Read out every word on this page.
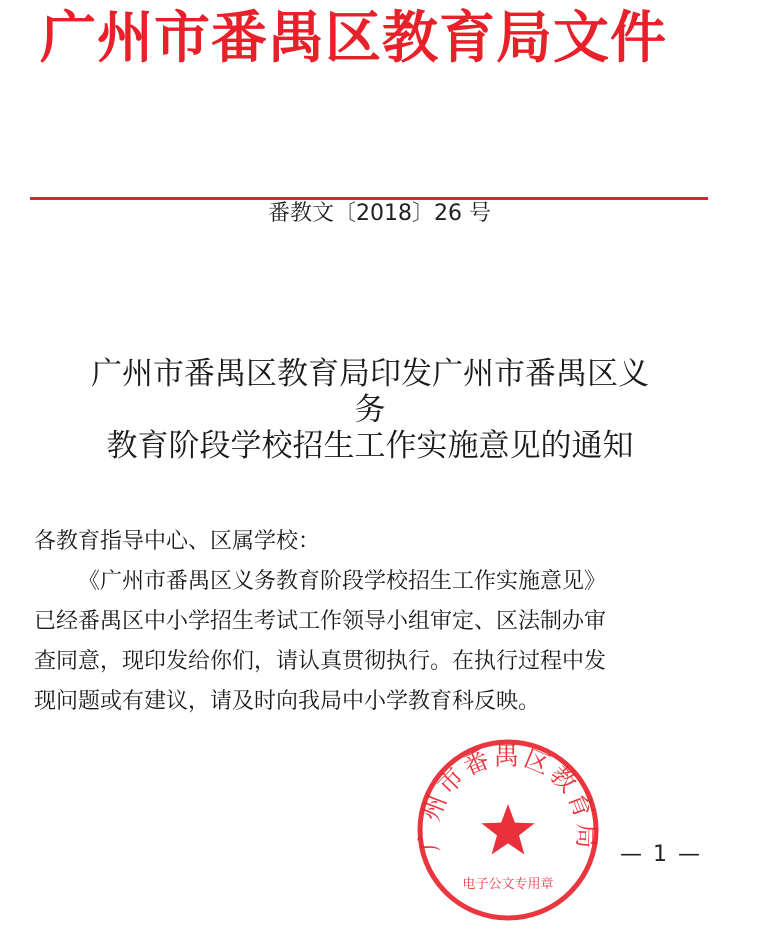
广州市番禺区教育局文件
番教文〔2018〕26 号
广州市番禺区教育局印发广州市番禺区义
务
教育阶段学校招生工作实施意见的通知

各教育指导中心、区属学校：

《广州市番禺区义务教育阶段学校招生工作实施意见》

已经番禺区中小学招生考试工作领导小组审定、区法制办审

查同意，现印发给你们，请认真贯彻执行。在执行过程中发

现问题或有建议，请及时向我局中小学教育科反映。

广州市番禺区教育局
电子公文专用章
— 1 —
